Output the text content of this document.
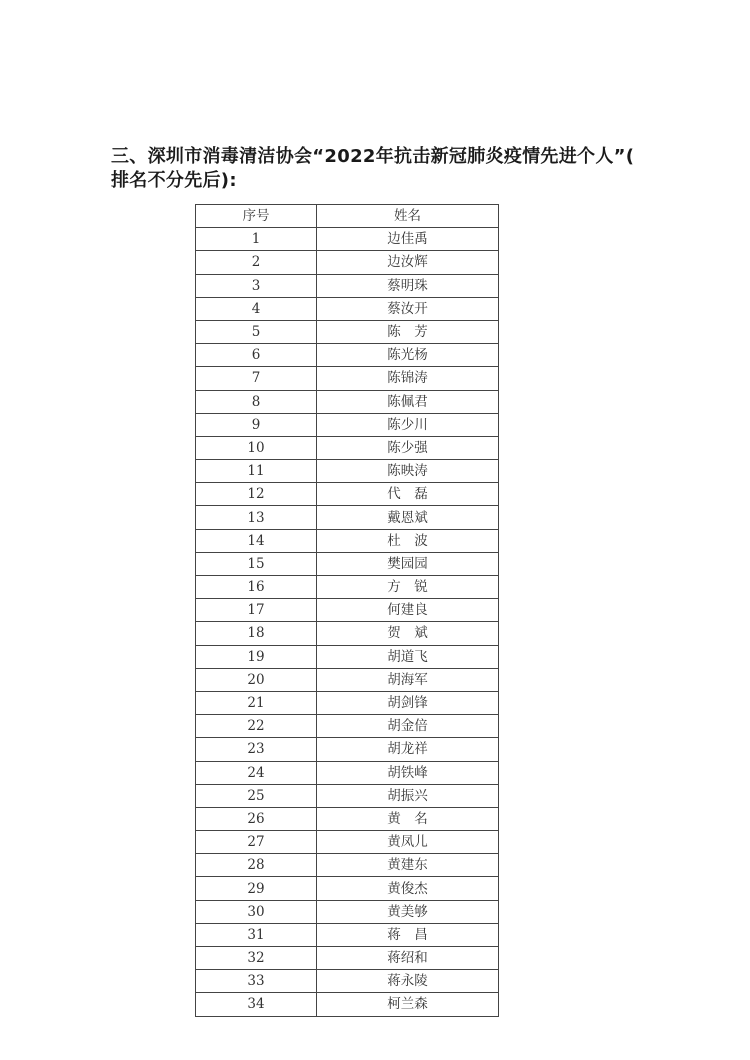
三、深圳市消毒清洁协会“2022年抗击新冠肺炎疫情先进个人”(
排名不分先后):
序号	姓名
1	边佳禹
2	边汝辉
3	蔡明珠
4	蔡汝开
5	陈　芳
6	陈光杨
7	陈锦涛
8	陈佩君
9	陈少川
10	陈少强
11	陈映涛
12	代　磊
13	戴恩斌
14	杜　波
15	樊园园
16	方　锐
17	何建良
18	贺　斌
19	胡道飞
20	胡海军
21	胡剑锋
22	胡金倍
23	胡龙祥
24	胡铁峰
25	胡振兴
26	黄　名
27	黄凤儿
28	黄建东
29	黄俊杰
30	黄美够
31	蒋　昌
32	蒋绍和
33	蒋永陵
34	柯兰森
